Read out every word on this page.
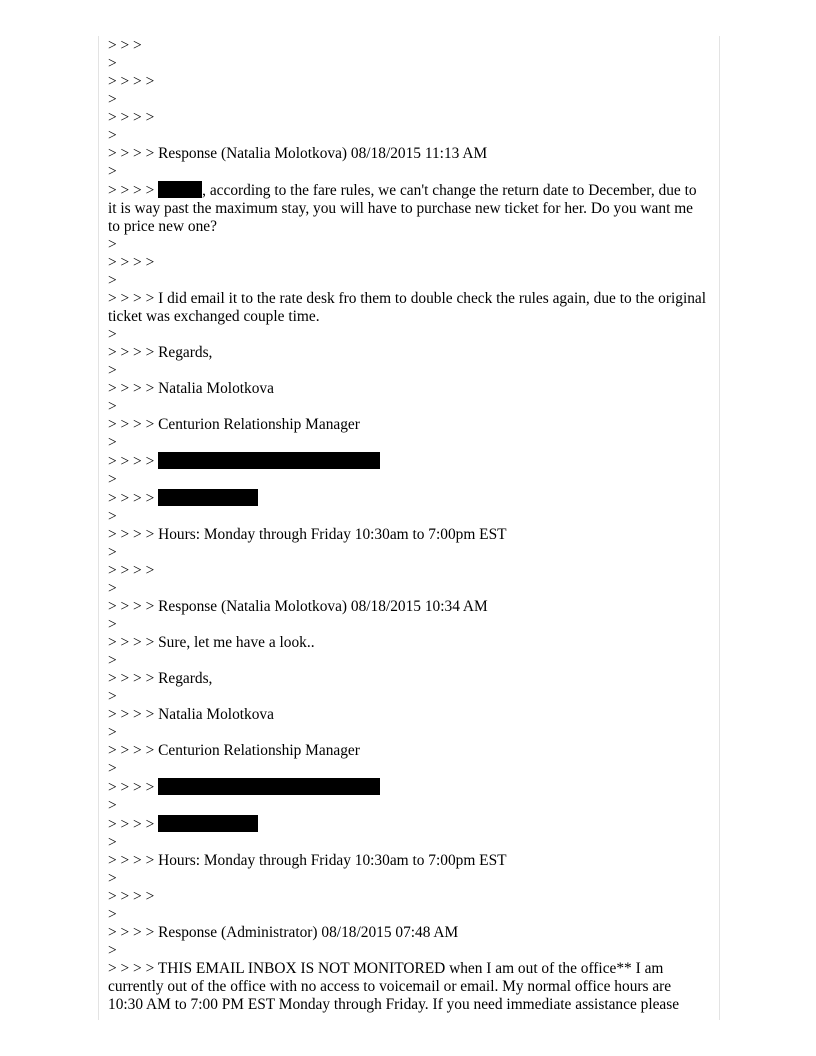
> > >
>
> > > >
>
> > > >
>
> > > > Response (Natalia Molotkova) 08/18/2015 11:13 AM
>
> > > >	, according to the fare rules, we can't change the return date to December, due to it is way past the maximum stay, you will have to purchase new ticket for her. Do you want me to price new one?
>
> > > >
>
> > > > I did email it to the rate desk fro them to double check the rules again, due to the original ticket was exchanged couple time.
>
> > > > Regards,
>
> > > > Natalia Molotkova
>
> > > > Centurion Relationship Manager
>
> > > >
>
> > > >
>
> > > > Hours: Monday through Friday 10:30am to 7:00pm EST
>
> > > >
>
> > > > Response (Natalia Molotkova) 08/18/2015 10:34 AM
>
> > > > Sure, let me have a look..
>
> > > > Regards,
>
> > > > Natalia Molotkova
>
> > > > Centurion Relationship Manager
>
> > > >
>
> > > >
>
> > > > Hours: Monday through Friday 10:30am to 7:00pm EST
>
> > > >
>
> > > > Response (Administrator) 08/18/2015 07:48 AM
>
> > > > THIS EMAIL INBOX IS NOT MONITORED when I am out of the office** I am currently out of the office with no access to voicemail or email. My normal office hours are 10:30 AM to 7:00 PM EST Monday through Friday. If you need immediate assistance please
